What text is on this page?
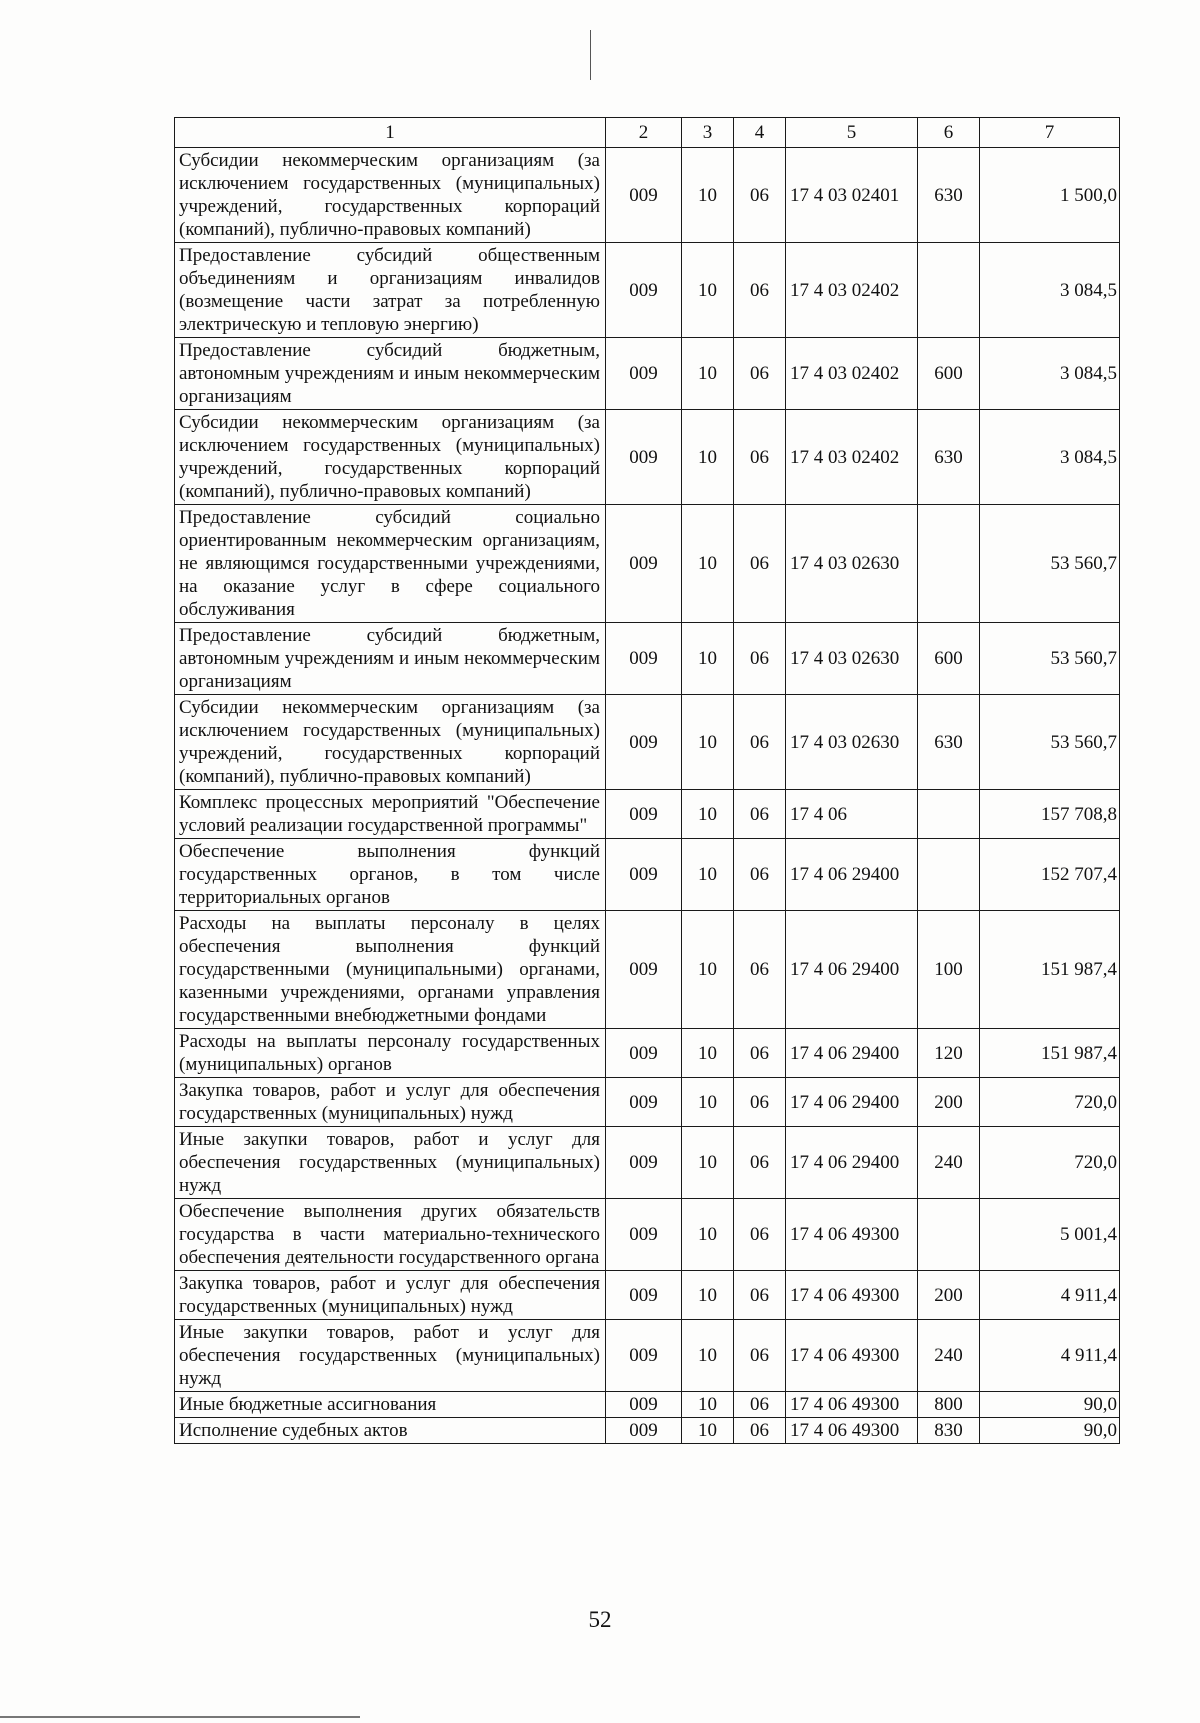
1	2	3	4	5	6	7
Субсидии некоммерческим организациям (за исключением государственных (муниципальных) учреждений, государственных корпораций (компаний), публично-правовых компаний)	009	10	06	17 4 03 02401	630	1 500,0
Предоставление субсидий общественным объединениям и организациям инвалидов (возмещение части затрат за потребленную электрическую и тепловую энергию)	009	10	06	17 4 03 02402		3 084,5
Предоставление субсидий бюджетным, автономным учреждениям и иным некоммерческим организациям	009	10	06	17 4 03 02402	600	3 084,5
Субсидии некоммерческим организациям (за исключением государственных (муниципальных) учреждений, государственных корпораций (компаний), публично-правовых компаний)	009	10	06	17 4 03 02402	630	3 084,5
Предоставление субсидий социально ориентированным некоммерческим организациям, не являющимся государственными учреждениями, на оказание услуг в сфере социального обслуживания	009	10	06	17 4 03 02630		53 560,7
Предоставление субсидий бюджетным, автономным учреждениям и иным некоммерческим организациям	009	10	06	17 4 03 02630	600	53 560,7
Субсидии некоммерческим организациям (за исключением государственных (муниципальных) учреждений, государственных корпораций (компаний), публично-правовых компаний)	009	10	06	17 4 03 02630	630	53 560,7
Комплекс процессных мероприятий "Обеспечение условий реализации государственной программы"	009	10	06	17 4 06		157 708,8
Обеспечение выполнения функций государственных органов, в том числе территориальных органов	009	10	06	17 4 06 29400		152 707,4
Расходы на выплаты персоналу в целях обеспечения выполнения функций государственными (муниципальными) органами, казенными учреждениями, органами управления государственными внебюджетными фондами	009	10	06	17 4 06 29400	100	151 987,4
Расходы на выплаты персоналу государственных (муниципальных) органов	009	10	06	17 4 06 29400	120	151 987,4
Закупка товаров, работ и услуг для обеспечения государственных (муниципальных) нужд	009	10	06	17 4 06 29400	200	720,0
Иные закупки товаров, работ и услуг для обеспечения государственных (муниципальных) нужд	009	10	06	17 4 06 29400	240	720,0
Обеспечение выполнения других обязательств государства в части материально-технического обеспечения деятельности государственного органа	009	10	06	17 4 06 49300		5 001,4
Закупка товаров, работ и услуг для обеспечения государственных (муниципальных) нужд	009	10	06	17 4 06 49300	200	4 911,4
Иные закупки товаров, работ и услуг для обеспечения государственных (муниципальных) нужд	009	10	06	17 4 06 49300	240	4 911,4
Иные бюджетные ассигнования	009	10	06	17 4 06 49300	800	90,0
Исполнение судебных актов	009	10	06	17 4 06 49300	830	90,0
52
